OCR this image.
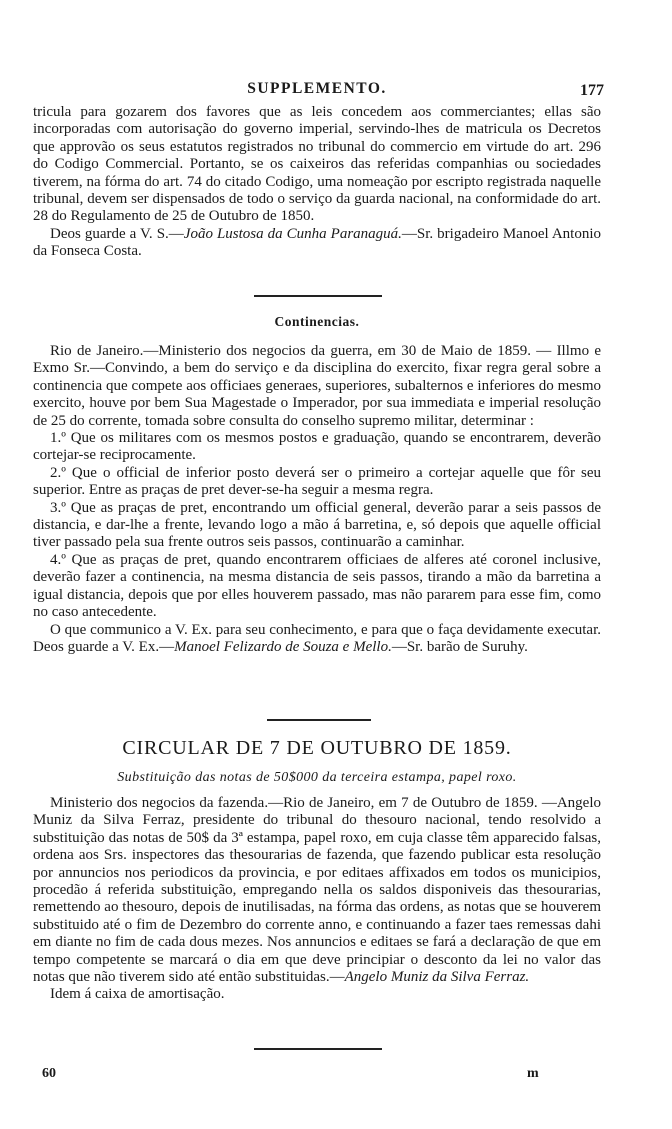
SUPPLEMENTO.	177

tricula para gozarem dos favores que as leis concedem aos commerciantes; ellas são incorporadas com autorisação do governo imperial, servindo-lhes de matricula os Decretos que approvão os seus estatutos registrados no tribunal do commercio em virtude do art. 296 do Codigo Commercial. Portanto, se os caixeiros das referidas companhias ou sociedades tiverem, na fórma do art. 74 do citado Codigo, uma nomeação por escripto registrada naquelle tribunal, devem ser dispensados de todo o serviço da guarda nacional, na conformidade do art. 28 do Regulamento de 25 de Outubro de 1850.

Deos guarde a V. S.—João Lustosa da Cunha Paranaguá.—Sr. brigadeiro Manoel Antonio da Fonseca Costa.

Continencias.

Rio de Janeiro.—Ministerio dos negocios da guerra, em 30 de Maio de 1859. — Illmo e Exmo Sr.—Convindo, a bem do serviço e da disciplina do exercito, fixar regra geral sobre a continencia que compete aos officiaes generaes, superiores, subalternos e inferiores do mesmo exercito, houve por bem Sua Magestade o Imperador, por sua immediata e imperial resolução de 25 do corrente, tomada sobre consulta do conselho supremo militar, determinar :

1.º Que os militares com os mesmos postos e graduação, quando se encontrarem, deverão cortejar-se reciprocamente.

2.º Que o official de inferior posto deverá ser o primeiro a cortejar aquelle que fôr seu superior. Entre as praças de pret dever-se-ha seguir a mesma regra.

3.º Que as praças de pret, encontrando um official general, deverão parar a seis passos de distancia, e dar-lhe a frente, levando logo a mão á barretina, e, só depois que aquelle official tiver passado pela sua frente outros seis passos, continuarão a caminhar.

4.º Que as praças de pret, quando encontrarem officiaes de alferes até coronel inclusive, deverão fazer a continencia, na mesma distancia de seis passos, tirando a mão da barretina a igual distancia, depois que por elles houverem passado, mas não pararem para esse fim, como no caso antecedente.

O que communico a V. Ex. para seu conhecimento, e para que o faça devidamente executar. Deos guarde a V. Ex.—Manoel Felizardo de Souza e Mello.—Sr. barão de Suruhy.

CIRCULAR DE 7 DE OUTUBRO DE 1859.
Substituição das notas de 50$000 da terceira estampa, papel roxo.

Ministerio dos negocios da fazenda.—Rio de Janeiro, em 7 de Outubro de 1859. —Angelo Muniz da Silva Ferraz, presidente do tribunal do thesouro nacional, tendo resolvido a substituição das notas de 50$ da 3ª estampa, papel roxo, em cuja classe têm apparecido falsas, ordena aos Srs. inspectores das thesourarias de fazenda, que fazendo publicar esta resolução por annuncios nos periodicos da provincia, e por editaes affixados em todos os municipios, procedão á referida substituição, empregando nella os saldos disponiveis das thesourarias, remettendo ao thesouro, depois de inutilisadas, na fórma das ordens, as notas que se houverem substituido até o fim de Dezembro do corrente anno, e continuando a fazer taes remessas dahi em diante no fim de cada dous mezes. Nos annuncios e editaes se fará a declaração de que em tempo competente se marcará o dia em que deve principiar o desconto da lei no valor das notas que não tiverem sido até então substituidas.—Angelo Muniz da Silva Ferraz.

Idem á caixa de amortisação.

60	m
